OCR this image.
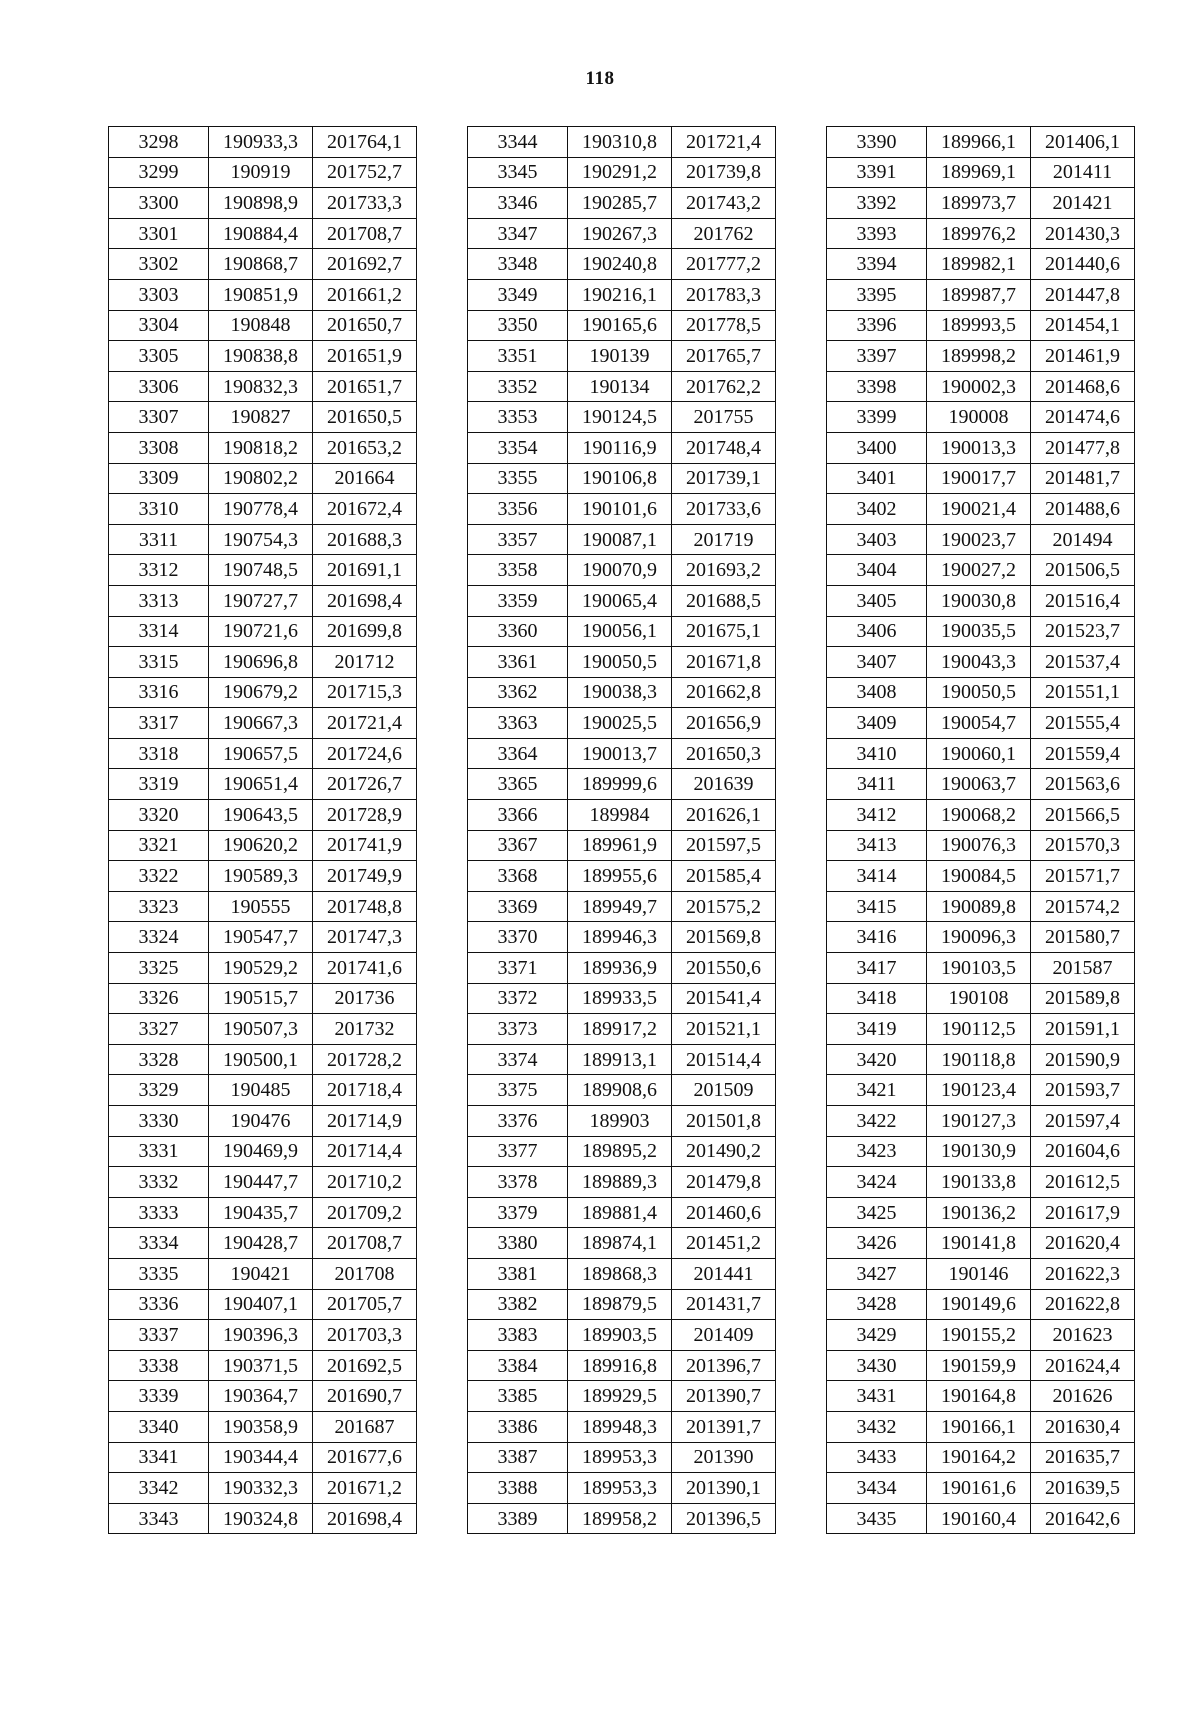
118
3298	190933,3	201764,1
3299	190919	201752,7
3300	190898,9	201733,3
3301	190884,4	201708,7
3302	190868,7	201692,7
3303	190851,9	201661,2
3304	190848	201650,7
3305	190838,8	201651,9
3306	190832,3	201651,7
3307	190827	201650,5
3308	190818,2	201653,2
3309	190802,2	201664
3310	190778,4	201672,4
3311	190754,3	201688,3
3312	190748,5	201691,1
3313	190727,7	201698,4
3314	190721,6	201699,8
3315	190696,8	201712
3316	190679,2	201715,3
3317	190667,3	201721,4
3318	190657,5	201724,6
3319	190651,4	201726,7
3320	190643,5	201728,9
3321	190620,2	201741,9
3322	190589,3	201749,9
3323	190555	201748,8
3324	190547,7	201747,3
3325	190529,2	201741,6
3326	190515,7	201736
3327	190507,3	201732
3328	190500,1	201728,2
3329	190485	201718,4
3330	190476	201714,9
3331	190469,9	201714,4
3332	190447,7	201710,2
3333	190435,7	201709,2
3334	190428,7	201708,7
3335	190421	201708
3336	190407,1	201705,7
3337	190396,3	201703,3
3338	190371,5	201692,5
3339	190364,7	201690,7
3340	190358,9	201687
3341	190344,4	201677,6
3342	190332,3	201671,2
3343	190324,8	201698,4
3344	190310,8	201721,4
3345	190291,2	201739,8
3346	190285,7	201743,2
3347	190267,3	201762
3348	190240,8	201777,2
3349	190216,1	201783,3
3350	190165,6	201778,5
3351	190139	201765,7
3352	190134	201762,2
3353	190124,5	201755
3354	190116,9	201748,4
3355	190106,8	201739,1
3356	190101,6	201733,6
3357	190087,1	201719
3358	190070,9	201693,2
3359	190065,4	201688,5
3360	190056,1	201675,1
3361	190050,5	201671,8
3362	190038,3	201662,8
3363	190025,5	201656,9
3364	190013,7	201650,3
3365	189999,6	201639
3366	189984	201626,1
3367	189961,9	201597,5
3368	189955,6	201585,4
3369	189949,7	201575,2
3370	189946,3	201569,8
3371	189936,9	201550,6
3372	189933,5	201541,4
3373	189917,2	201521,1
3374	189913,1	201514,4
3375	189908,6	201509
3376	189903	201501,8
3377	189895,2	201490,2
3378	189889,3	201479,8
3379	189881,4	201460,6
3380	189874,1	201451,2
3381	189868,3	201441
3382	189879,5	201431,7
3383	189903,5	201409
3384	189916,8	201396,7
3385	189929,5	201390,7
3386	189948,3	201391,7
3387	189953,3	201390
3388	189953,3	201390,1
3389	189958,2	201396,5
3390	189966,1	201406,1
3391	189969,1	201411
3392	189973,7	201421
3393	189976,2	201430,3
3394	189982,1	201440,6
3395	189987,7	201447,8
3396	189993,5	201454,1
3397	189998,2	201461,9
3398	190002,3	201468,6
3399	190008	201474,6
3400	190013,3	201477,8
3401	190017,7	201481,7
3402	190021,4	201488,6
3403	190023,7	201494
3404	190027,2	201506,5
3405	190030,8	201516,4
3406	190035,5	201523,7
3407	190043,3	201537,4
3408	190050,5	201551,1
3409	190054,7	201555,4
3410	190060,1	201559,4
3411	190063,7	201563,6
3412	190068,2	201566,5
3413	190076,3	201570,3
3414	190084,5	201571,7
3415	190089,8	201574,2
3416	190096,3	201580,7
3417	190103,5	201587
3418	190108	201589,8
3419	190112,5	201591,1
3420	190118,8	201590,9
3421	190123,4	201593,7
3422	190127,3	201597,4
3423	190130,9	201604,6
3424	190133,8	201612,5
3425	190136,2	201617,9
3426	190141,8	201620,4
3427	190146	201622,3
3428	190149,6	201622,8
3429	190155,2	201623
3430	190159,9	201624,4
3431	190164,8	201626
3432	190166,1	201630,4
3433	190164,2	201635,7
3434	190161,6	201639,5
3435	190160,4	201642,6
